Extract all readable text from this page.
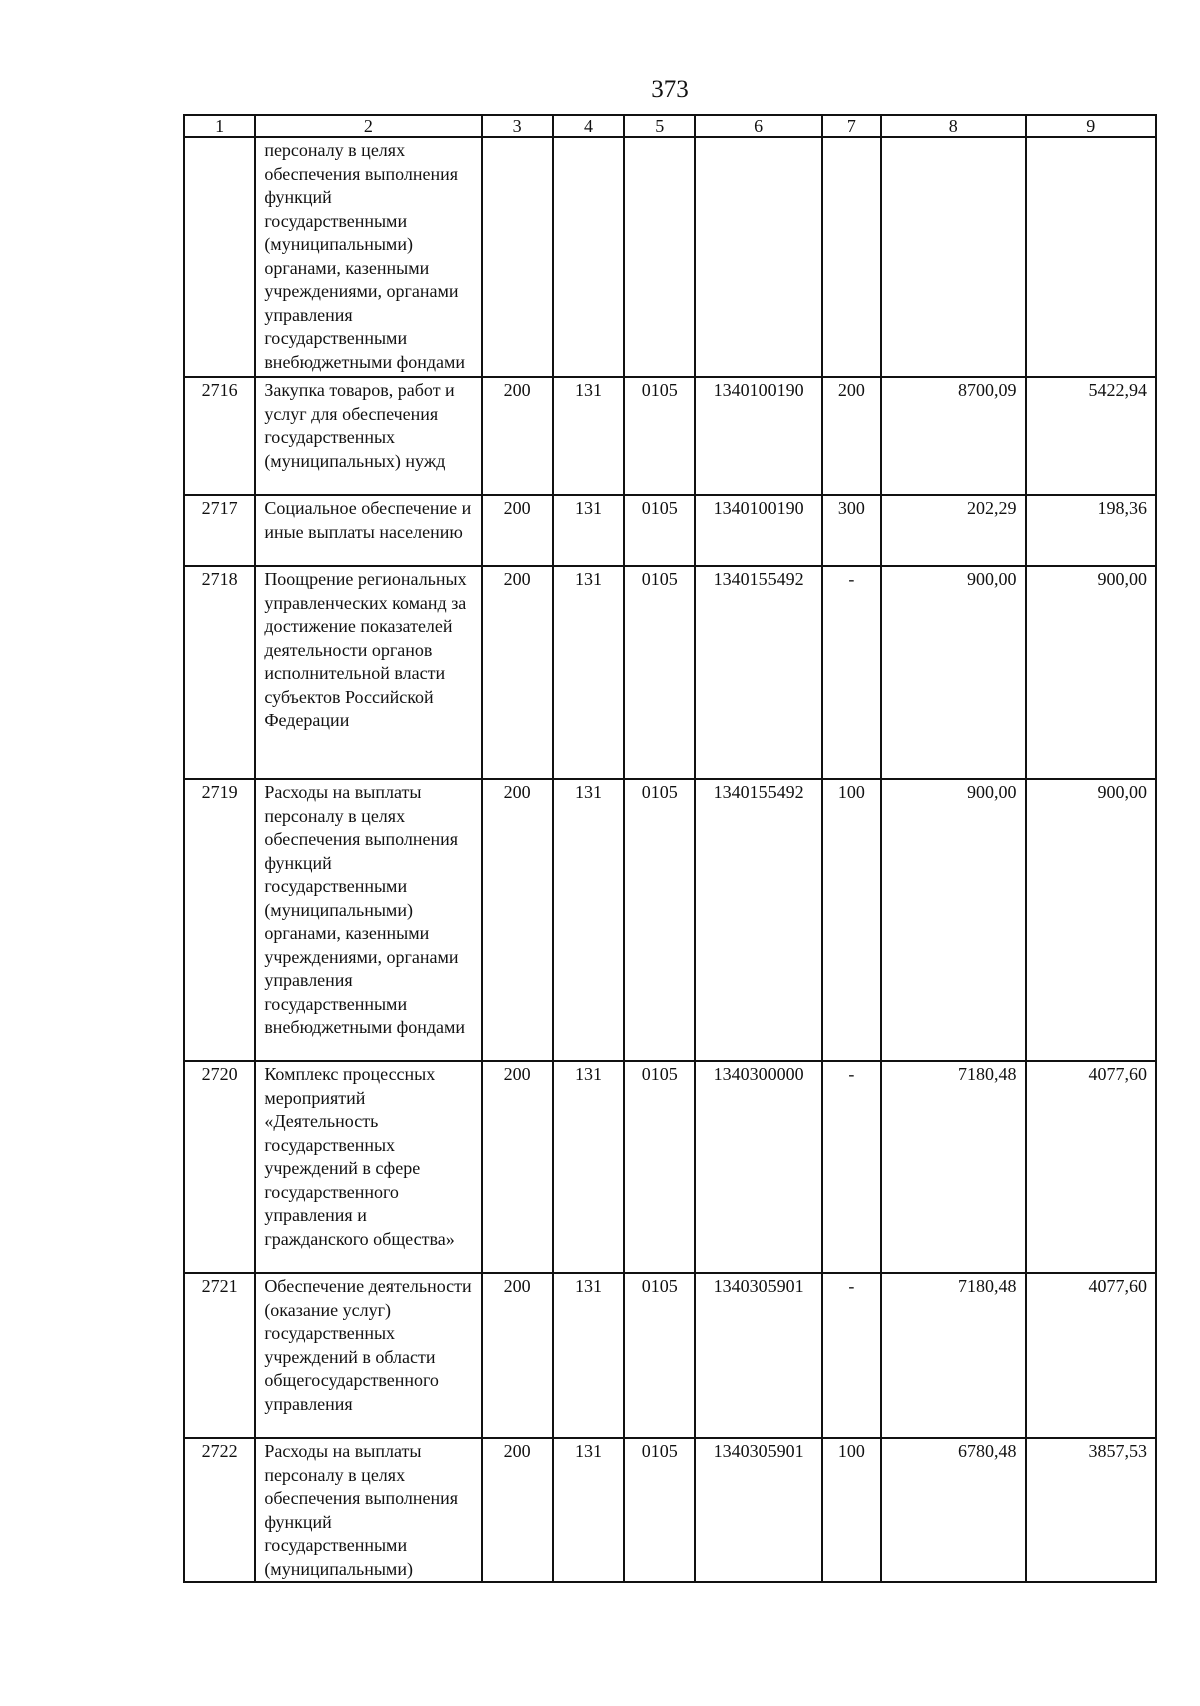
373
1	2	3	4	5	6	7	8	9
	персоналу в целях обеспечения выполнения функций государственными (муниципальными) органами, казенными учреждениями, органами управления государственными внебюджетными фондами							
2716	Закупка товаров, работ и услуг для обеспечения государственных (муниципальных) нужд	200	131	0105	1340100190	200	8700,09	5422,94
2717	Социальное обеспечение и иные выплаты населению	200	131	0105	1340100190	300	202,29	198,36
2718	Поощрение региональных управленческих команд за достижение показателей деятельности органов исполнительной власти субъектов Российской Федерации	200	131	0105	1340155492	-	900,00	900,00
2719	Расходы на выплаты персоналу в целях обеспечения выполнения функций государственными (муниципальными) органами, казенными учреждениями, органами управления государственными внебюджетными фондами	200	131	0105	1340155492	100	900,00	900,00
2720	Комплекс процессных мероприятий «Деятельность государственных учреждений в сфере государственного управления и гражданского общества»	200	131	0105	1340300000	-	7180,48	4077,60
2721	Обеспечение деятельности (оказание услуг) государственных учреждений в области общегосударственного управления	200	131	0105	1340305901	-	7180,48	4077,60
2722	Расходы на выплаты персоналу в целях обеспечения выполнения функций государственными (муниципальными)	200	131	0105	1340305901	100	6780,48	3857,53
